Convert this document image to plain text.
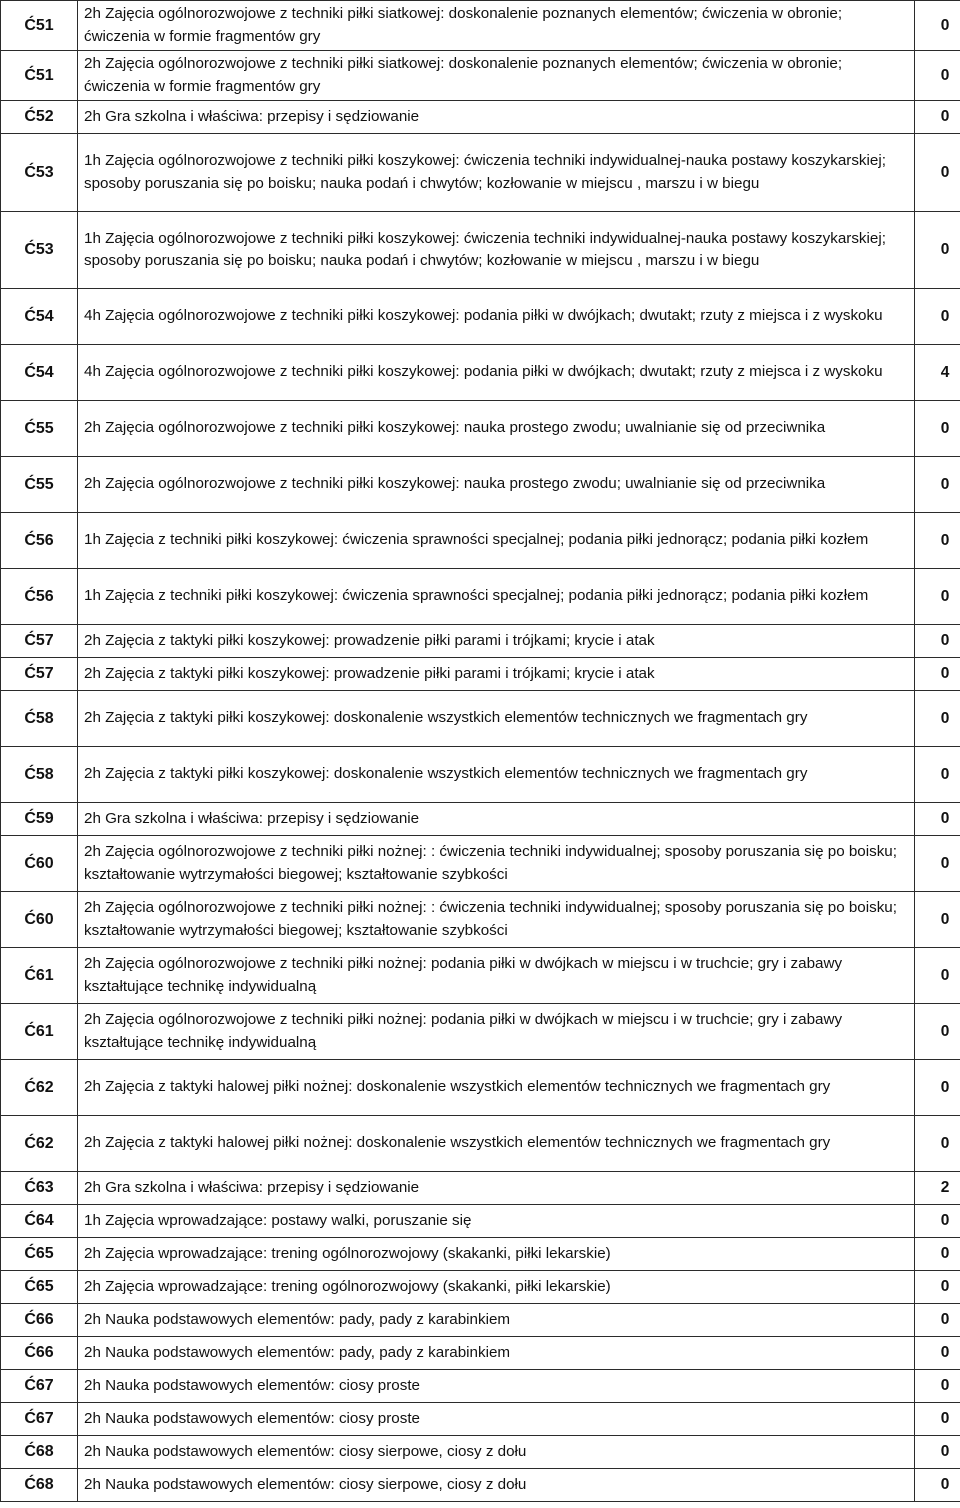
Ć51	2h Zajęcia ogólnorozwojowe z techniki piłki siatkowej: doskonalenie poznanych elementów; ćwiczenia w obronie; ćwiczenia w formie fragmentów gry	0
Ć51	2h Zajęcia ogólnorozwojowe z techniki piłki siatkowej: doskonalenie poznanych elementów; ćwiczenia w obronie; ćwiczenia w formie fragmentów gry	0
Ć52	2h Gra szkolna i właściwa: przepisy i sędziowanie	0
Ć53	1h Zajęcia ogólnorozwojowe z techniki piłki koszykowej: ćwiczenia techniki indywidualnej-nauka postawy koszykarskiej; sposoby poruszania się po boisku; nauka podań i chwytów; kozłowanie w miejscu , marszu i w biegu	0
Ć53	1h Zajęcia ogólnorozwojowe z techniki piłki koszykowej: ćwiczenia techniki indywidualnej-nauka postawy koszykarskiej; sposoby poruszania się po boisku; nauka podań i chwytów; kozłowanie w miejscu , marszu i w biegu	0
Ć54	4h Zajęcia ogólnorozwojowe z techniki piłki koszykowej: podania piłki w dwójkach; dwutakt; rzuty z miejsca i z wyskoku	0
Ć54	4h Zajęcia ogólnorozwojowe z techniki piłki koszykowej: podania piłki w dwójkach; dwutakt; rzuty z miejsca i z wyskoku	4
Ć55	2h Zajęcia ogólnorozwojowe z techniki piłki koszykowej: nauka prostego zwodu; uwalnianie się od przeciwnika	0
Ć55	2h Zajęcia ogólnorozwojowe z techniki piłki koszykowej: nauka prostego zwodu; uwalnianie się od przeciwnika	0
Ć56	1h Zajęcia z techniki piłki koszykowej: ćwiczenia sprawności specjalnej; podania piłki jednorącz; podania piłki kozłem	0
Ć56	1h Zajęcia z techniki piłki koszykowej: ćwiczenia sprawności specjalnej; podania piłki jednorącz; podania piłki kozłem	0
Ć57	2h Zajęcia z taktyki piłki koszykowej: prowadzenie piłki parami i trójkami; krycie i atak	0
Ć57	2h Zajęcia z taktyki piłki koszykowej: prowadzenie piłki parami i trójkami; krycie i atak	0
Ć58	2h Zajęcia z taktyki piłki koszykowej: doskonalenie wszystkich elementów technicznych we fragmentach gry	0
Ć58	2h Zajęcia z taktyki piłki koszykowej: doskonalenie wszystkich elementów technicznych we fragmentach gry	0
Ć59	2h Gra szkolna i właściwa: przepisy i sędziowanie	0
Ć60	2h Zajęcia ogólnorozwojowe z techniki piłki nożnej: : ćwiczenia techniki indywidualnej; sposoby poruszania się po boisku; kształtowanie wytrzymałości biegowej; kształtowanie szybkości	0
Ć60	2h Zajęcia ogólnorozwojowe z techniki piłki nożnej: : ćwiczenia techniki indywidualnej; sposoby poruszania się po boisku; kształtowanie wytrzymałości biegowej; kształtowanie szybkości	0
Ć61	2h Zajęcia ogólnorozwojowe z techniki piłki nożnej: podania piłki w dwójkach w miejscu i w truchcie; gry i zabawy kształtujące technikę indywidualną	0
Ć61	2h Zajęcia ogólnorozwojowe z techniki piłki nożnej: podania piłki w dwójkach w miejscu i w truchcie; gry i zabawy kształtujące technikę indywidualną	0
Ć62	2h Zajęcia z taktyki halowej piłki nożnej: doskonalenie wszystkich elementów technicznych we fragmentach gry	0
Ć62	2h Zajęcia z taktyki halowej piłki nożnej: doskonalenie wszystkich elementów technicznych we fragmentach gry	0
Ć63	2h Gra szkolna i właściwa: przepisy i sędziowanie	2
Ć64	1h Zajęcia wprowadzające: postawy walki, poruszanie się	0
Ć65	2h Zajęcia wprowadzające: trening ogólnorozwojowy (skakanki, piłki lekarskie)	0
Ć65	2h Zajęcia wprowadzające: trening ogólnorozwojowy (skakanki, piłki lekarskie)	0
Ć66	2h Nauka podstawowych elementów: pady, pady z karabinkiem	0
Ć66	2h Nauka podstawowych elementów: pady, pady z karabinkiem	0
Ć67	2h Nauka podstawowych elementów: ciosy proste	0
Ć67	2h Nauka podstawowych elementów: ciosy proste	0
Ć68	2h Nauka podstawowych elementów: ciosy sierpowe, ciosy z dołu	0
Ć68	2h Nauka podstawowych elementów: ciosy sierpowe, ciosy z dołu	0
